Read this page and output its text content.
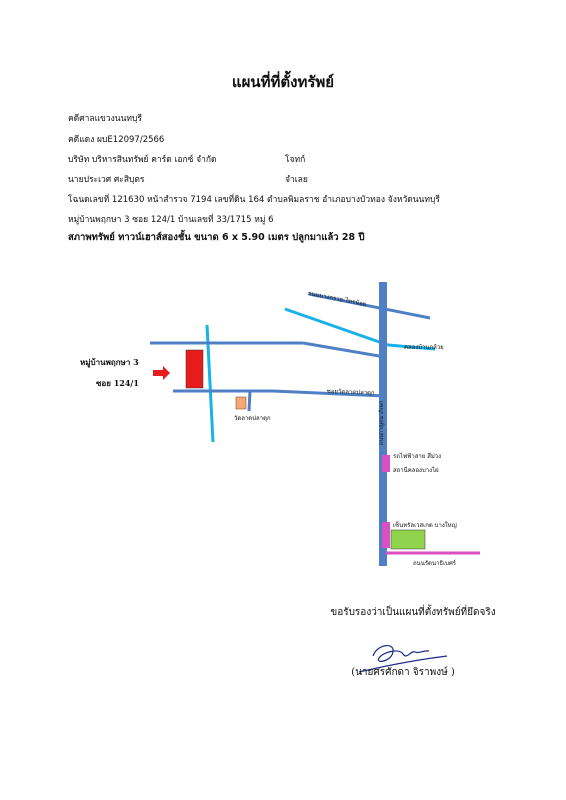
แผนที่ที่ตั้งทรัพย์
คดีศาลแขวงนนทบุรี
คดีแดง ผบE12097/2566
บริษัท บริหารสินทรัพย์ คาร์ด เอกซ์ จำกัด	โจทก์
นายประเวศ ศะสิบุตร	จำเลย
โฉนดเลขที่ 121630 หน้าสำรวจ 7194 เลขที่ดิน 164 ตำบลพิมลราช อำเภอบางบัวทอง จังหวัดนนทบุรี
หมู่บ้านพฤกษา 3 ซอย 124/1 บ้านเลขที่ 33/1715 หมู่ 6
สภาพทรัพย์ ทาวน์เฮาส์สองชั้น ขนาด 6 x 5.90 เมตร ปลูกมาแล้ว 28 ปี
ถนนบางกรวย-ไทรน้อย
คลองบ้านกล้วย
ซอยวัดลาดปลาดุก
วัดลาดปลาดุก	ถนนกาญจนาภิเษก
หมู่บ้านพฤกษา 3
ซอย 124/1
รถไฟฟ้าสาย สีม่วง
สถานีคลองบางไผ่
เซ็นทรัลเวสเกต บางใหญ่
ถนนรัตนาธิเบศร์
ขอรับรองว่าเป็นแผนที่ตั้งทรัพย์ที่ยึดจริง
(นายศรศักดา จิราพงษ์ )
